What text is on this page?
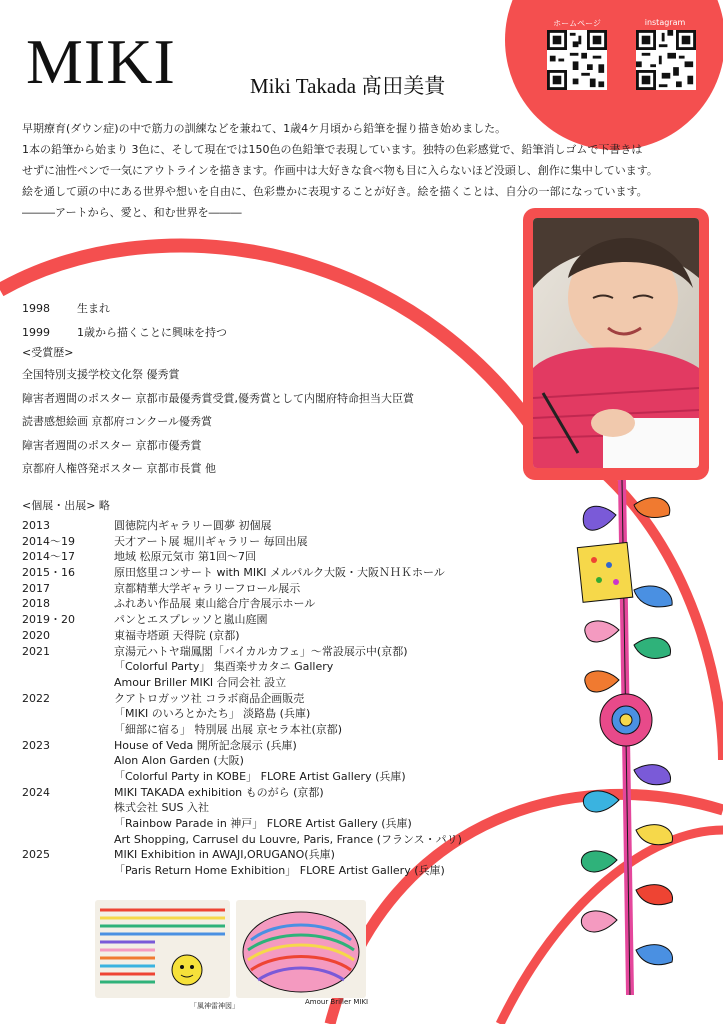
MIKI	Miki Takada 髙田美貴
ホームページ	instagram

早期療育(ダウン症)の中で筋力の訓練などを兼ねて、1歳4ケ月頃から鉛筆を握り描き始めました。

1本の鉛筆から始まり 3色に、そして現在では150色の色鉛筆で表現しています。独特の色彩感覚で、鉛筆消しゴムで下書きは

せずに油性ペンで一気にアウトラインを描きます。作画中は大好きな食べ物も目に入らないほど没頭し、創作に集中しています。

絵を通して頭の中にある世界や想いを自由に、色彩豊かに表現することが好き。絵を描くことは、自分の一部になっています。

―――アートから、愛と、和む世界を―――

1998	生まれ
1999	1歳から描くことに興味を持つ
<受賞歴>
全国特別支援学校文化祭 優秀賞
障害者週間のポスター 京都市最優秀賞受賞,優秀賞として内閣府特命担当大臣賞
読書感想絵画 京都府コンクール優秀賞
障害者週間のポスター 京都市優秀賞
京都府人権啓発ポスター 京都市長賞 他
<個展・出展> 略
2013	圓徳院内ギャラリー圓夢 初個展
2014〜19	天才アート展 堀川ギャラリー 毎回出展
2014〜17	地域 松原元気市 第1回〜7回
2015・16	原田悠里コンサート with MIKI メルパルク大阪・大阪ＮＨＫホール
2017	京都精華大学ギャラリーフロール展示
2018	ふれあい作品展 東山総合庁舎展示ホール
2019・20	パンとエスプレッソと嵐山庭園
2020	東福寺塔頭 天得院 (京都)
2021	京湯元ハトヤ瑞鳳閣「バイカルカフェ」〜常設展示中(京都)
「Colorful Party」 集酉楽サカタニ Gallery
Amour Briller MIKI 合同会社 設立
2022	クアトロガッツ社 コラボ商品企画販売
「MIKI のいろとかたち」 淡路島 (兵庫)
「細部に宿る」 特別展 出展 京セラ本社(京都)
2023	House of Veda 開所記念展示 (兵庫)
Alon Alon Garden (大阪)
「Colorful Party in KOBE」 FLORE Artist Gallery (兵庫)
2024	MIKI TAKADA exhibition ものがら (京都)
株式会社 SUS 入社
「Rainbow Parade in 神戸」 FLORE Artist Gallery (兵庫)
Art Shopping, Carrusel du Louvre, Paris, France (フランス・パリ)
2025	MIKI Exhibition in AWAJI,ORUGANO(兵庫)
「Paris Return Home Exhibition」 FLORE Artist Gallery (兵庫)
「風神雷神図」	Amour Briller MIKI
